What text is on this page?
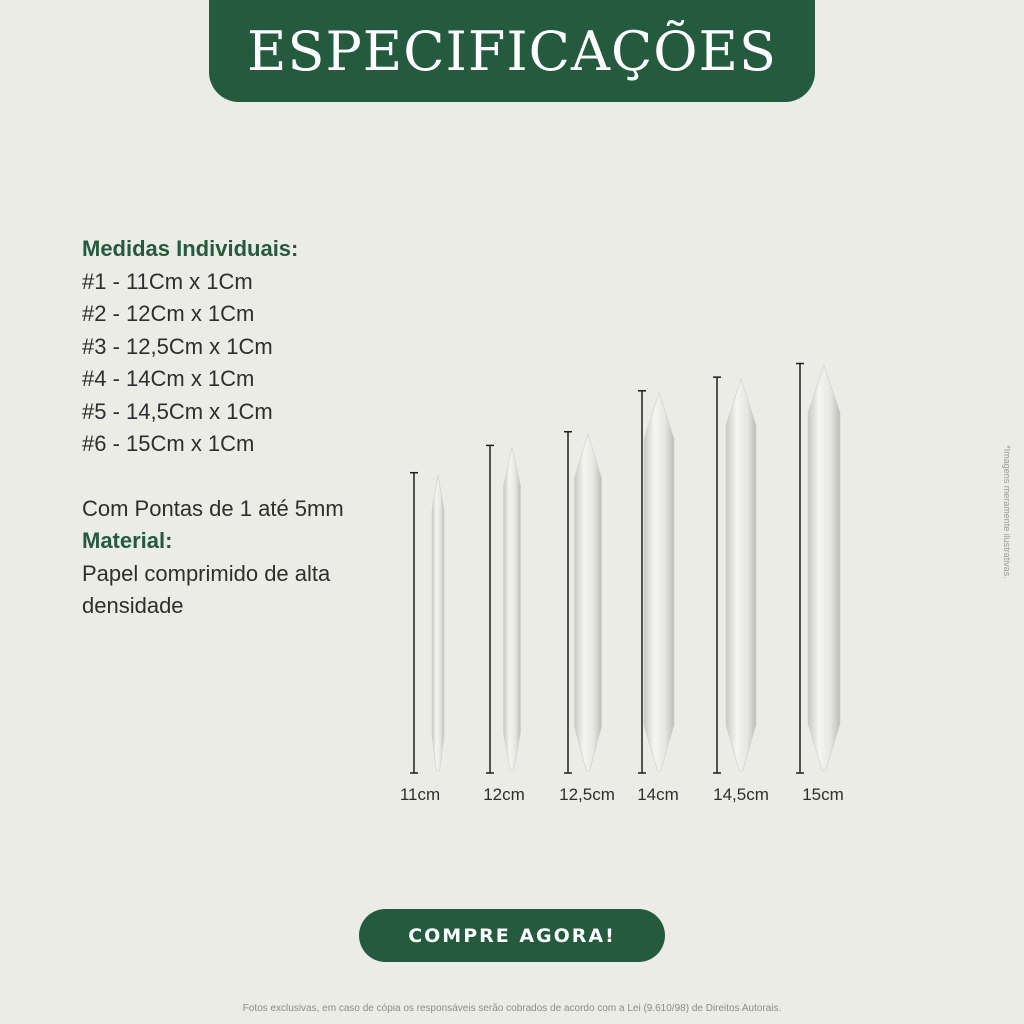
ESPECIFICAÇÕES
Medidas Individuais:
#1 - 11Cm x 1Cm
#2 - 12Cm x 1Cm
#3 - 12,5Cm x 1Cm
#4 - 14Cm x 1Cm
#5 - 14,5Cm x 1Cm
#6 - 15Cm x 1Cm
Com Pontas de 1 até 5mm
Material:
Papel comprimido de alta
densidade
11cm	12cm 12,5cm 14cm 14,5cm 15cm
*Imagens meramente ilustrativas.
COMPRE AGORA!
Fotos exclusivas, em caso de cópia os responsáveis serão cobrados de acordo com a Lei (9.610/98) de Direitos Autorais.
